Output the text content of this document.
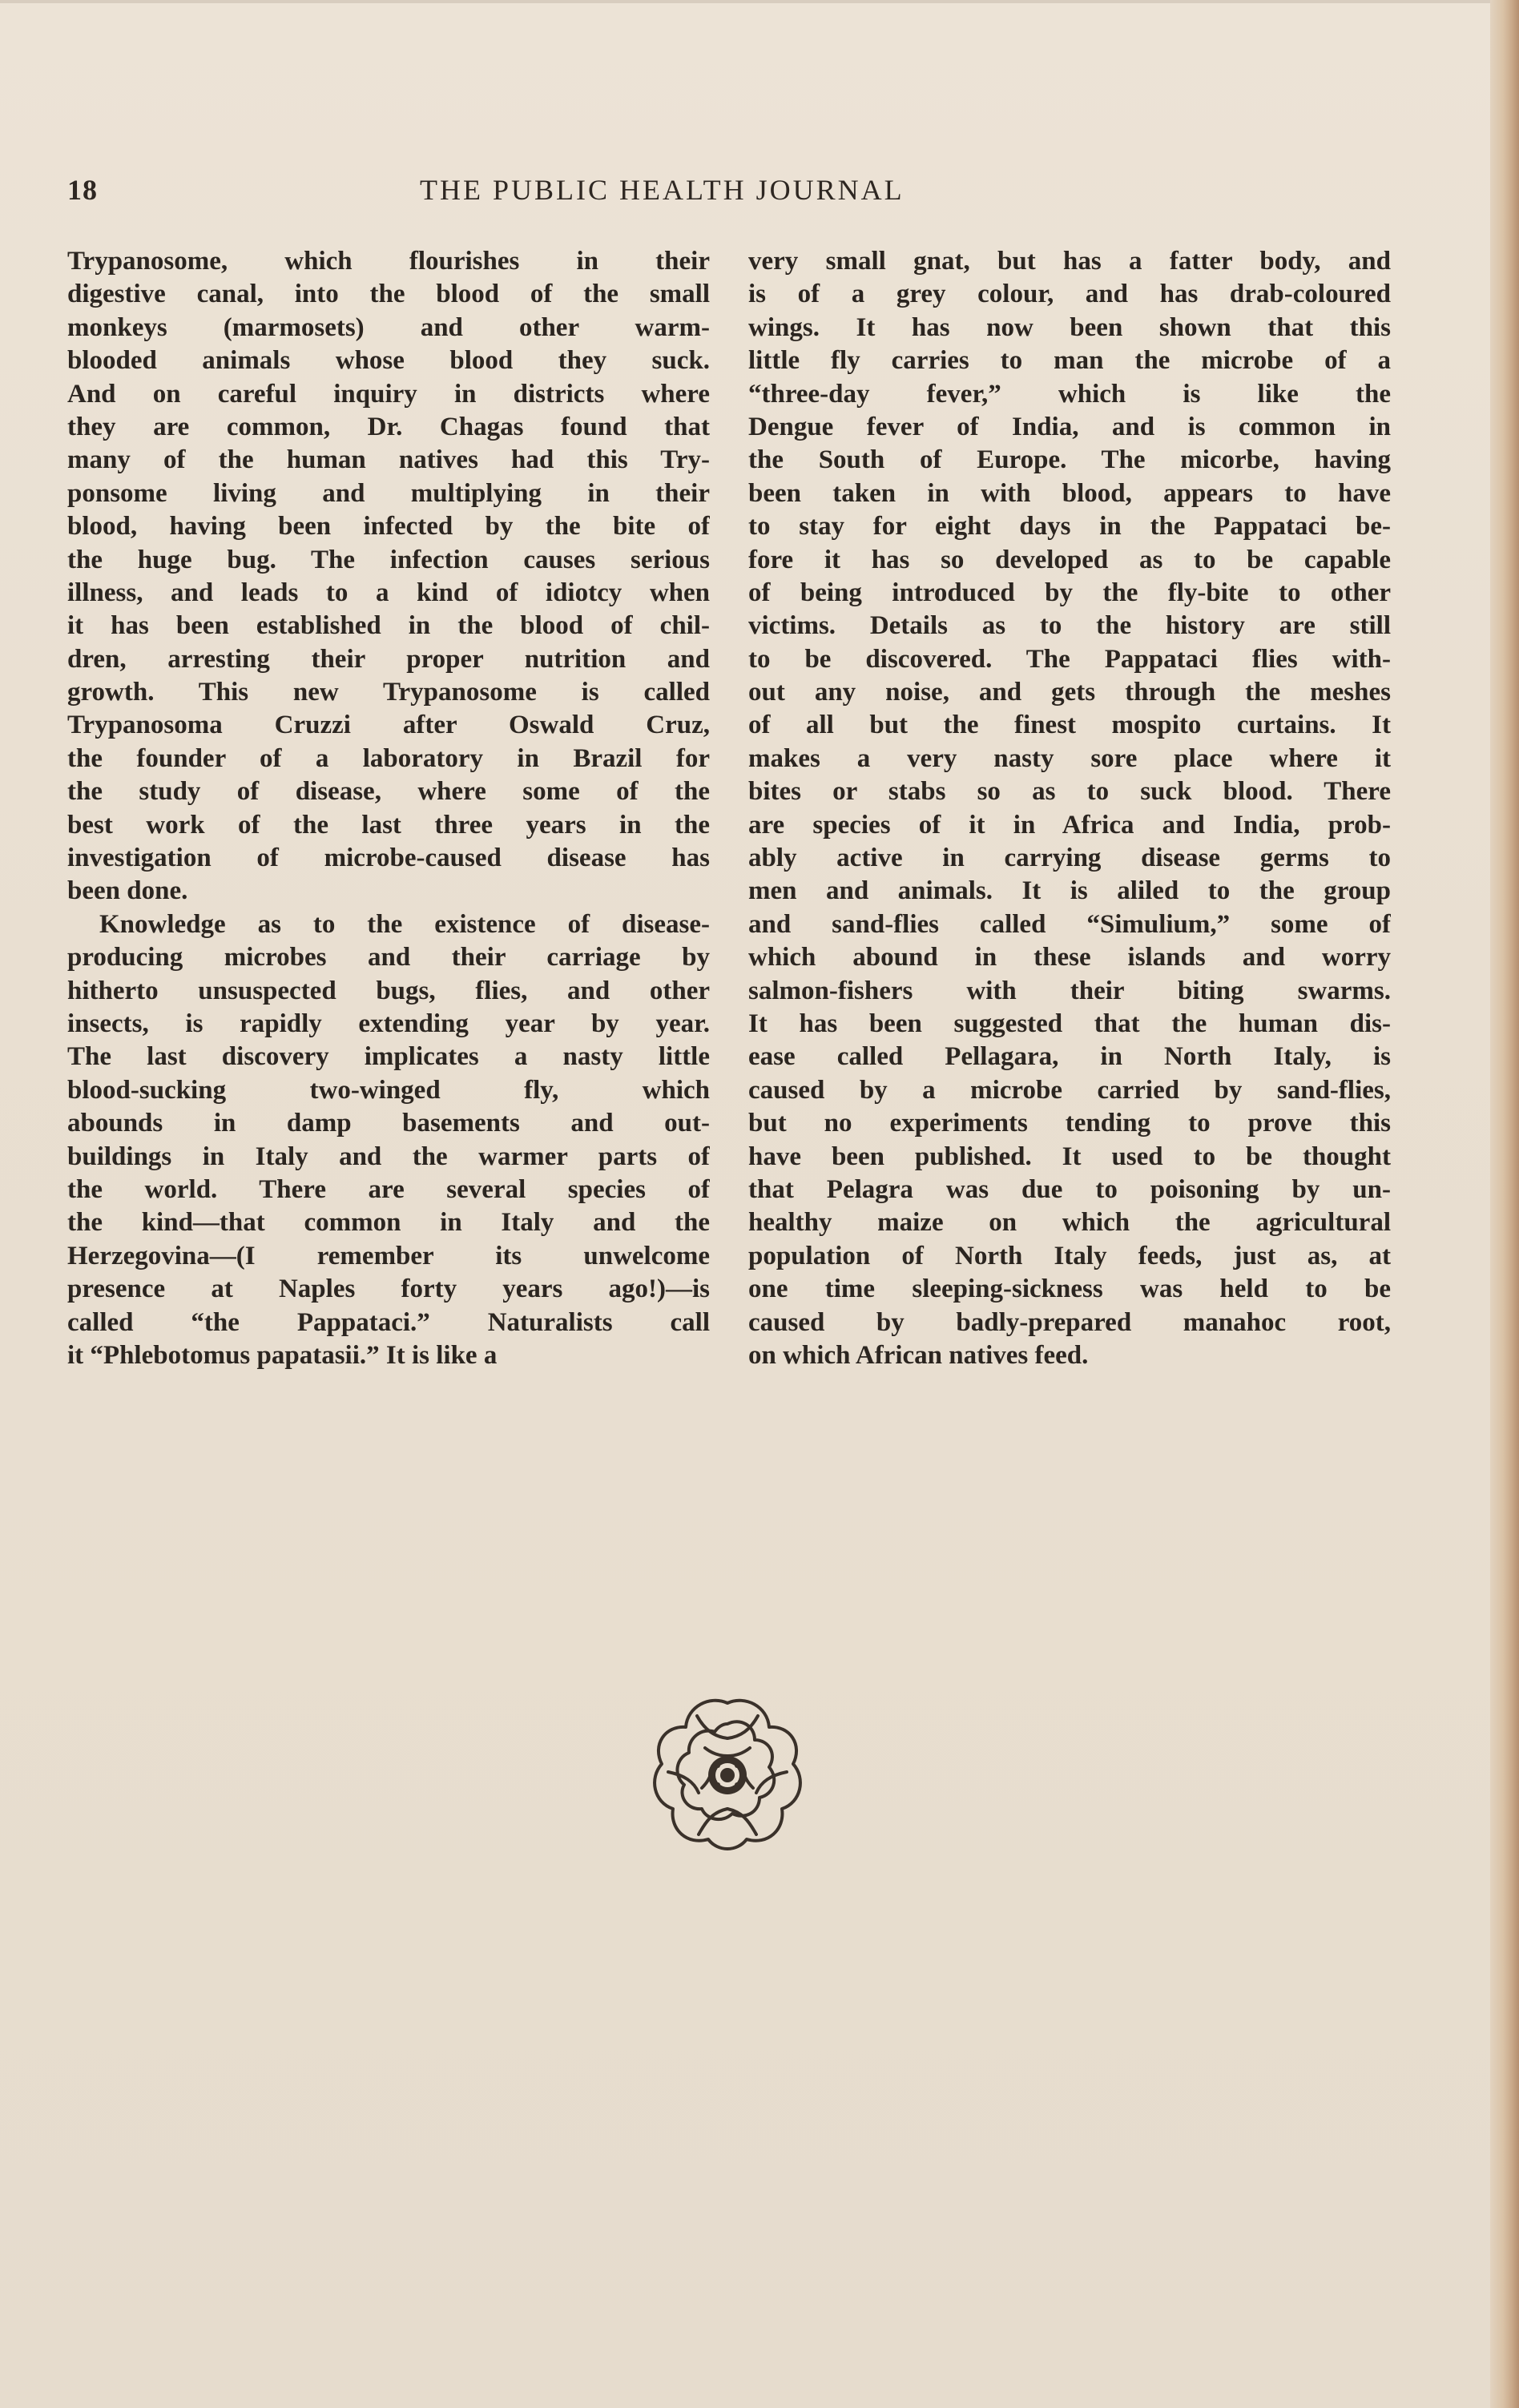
18	THE PUBLIC HEALTH JOURNAL
Trypanosome, which flourishes in their
digestive canal, into the blood of the small
monkeys (marmosets) and other warm-
blooded animals whose blood they suck.
And on careful inquiry in districts where
they are common, Dr. Chagas found that
many of the human natives had this Try-
ponsome living and multiplying in their
blood, having been infected by the bite of
the huge bug. The infection causes serious
illness, and leads to a kind of idiotcy when
it has been established in the blood of chil-
dren, arresting their proper nutrition and
growth. This new Trypanosome is called
Trypanosoma Cruzzi after Oswald Cruz,
the founder of a laboratory in Brazil for
the study of disease, where some of the
best work of the last three years in the
investigation of microbe-caused disease has
been done.
Knowledge as to the existence of disease-
producing microbes and their carriage by
hitherto unsuspected bugs, flies, and other
insects, is rapidly extending year by year.
The last discovery implicates a nasty little
blood-sucking two-winged fly, which
abounds in damp basements and out-
buildings in Italy and the warmer parts of
the world. There are several species of
the kind—that common in Italy and the
Herzegovina—(I remember its unwelcome
presence at Naples forty years ago!)—is
called “the Pappataci.” Naturalists call
it “Phlebotomus papatasii.” It is like a
very small gnat, but has a fatter body, and
is of a grey colour, and has drab-coloured
wings. It has now been shown that this
little fly carries to man the microbe of a
“three-day fever,” which is like the
Dengue fever of India, and is common in
the South of Europe. The micorbe, having
been taken in with blood, appears to have
to stay for eight days in the Pappataci be-
fore it has so developed as to be capable
of being introduced by the fly-bite to other
victims. Details as to the history are still
to be discovered. The Pappataci flies with-
out any noise, and gets through the meshes
of all but the finest mospito curtains. It
makes a very nasty sore place where it
bites or stabs so as to suck blood. There
are species of it in Africa and India, prob-
ably active in carrying disease germs to
men and animals. It is aliled to the group
and sand-flies called “Simulium,” some of
which abound in these islands and worry
salmon-fishers with their biting swarms.
It has been suggested that the human dis-
ease called Pellagara, in North Italy, is
caused by a microbe carried by sand-flies,
but no experiments tending to prove this
have been published. It used to be thought
that Pelagra was due to poisoning by un-
healthy maize on which the agricultural
population of North Italy feeds, just as, at
one time sleeping-sickness was held to be
caused by badly-prepared manahoc root,
on which African natives feed.
